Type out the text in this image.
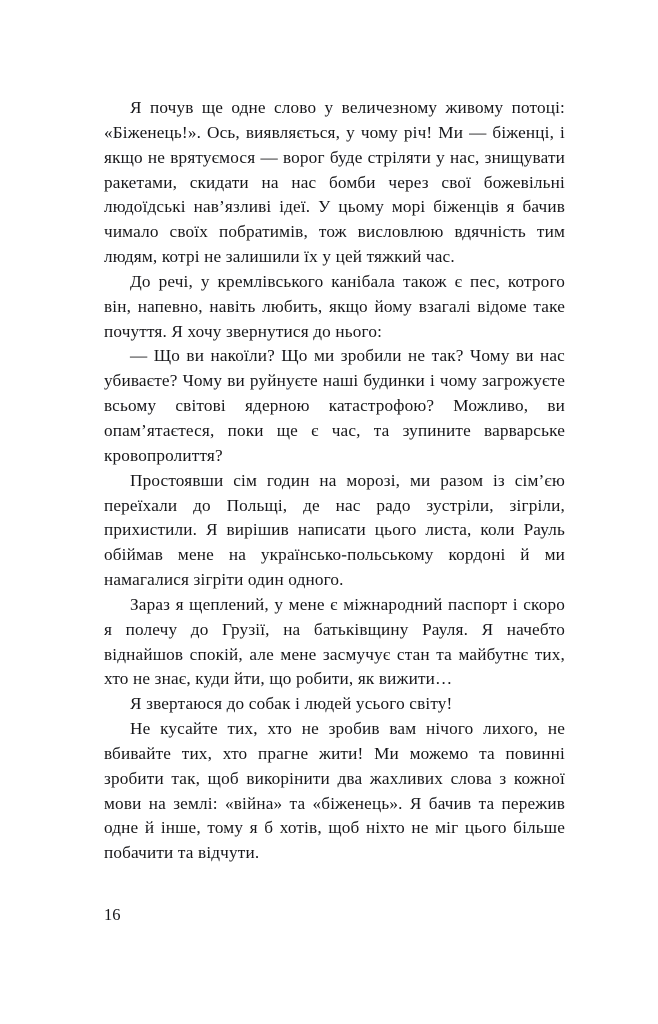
Я почув ще одне слово у величезному живому потоці: «Біженець!». Ось, виявляється, у чому річ! Ми — біженці, і якщо не врятуємося — ворог буде стріляти у нас, знищувати ракетами, скидати на нас бомби через свої божевільні людоїдські нав’язливі ідеї. У цьому морі біженців я бачив чимало своїх побратимів, тож висловлюю вдячність тим людям, котрі не залишили їх у цей тяжкий час.

До речі, у кремлівського канібала також є пес, котрого він, напевно, навіть любить, якщо йому взагалі відоме таке почуття. Я хочу звернутися до нього:

— Що ви накоїли? Що ми зробили не так? Чому ви нас убиваєте? Чому ви руйнуєте наші будинки і чому загрожуєте всьому світові ядерною катастрофою? Можливо, ви опам’ятаєтеся, поки ще є час, та зупините варварське кровопролиття?

Простоявши сім годин на морозі, ми разом із сім’єю переїхали до Польщі, де нас радо зустріли, зігріли, прихистили. Я вирішив написати цього листа, коли Рауль обіймав мене на українсько-польському кордоні й ми намагалися зігріти один одного.

Зараз я щеплений, у мене є міжнародний паспорт і скоро я полечу до Грузії, на батьківщину Рауля. Я начебто віднайшов спокій, але мене засмучує стан та майбутнє тих, хто не знає, куди йти, що робити, як вижити…

Я звертаюся до собак і людей усього світу!

Не кусайте тих, хто не зробив вам нічого лихого, не вбивайте тих, хто прагне жити! Ми можемо та повинні зробити так, щоб викорінити два жахливих слова з кожної мови на землі: «війна» та «біженець». Я бачив та пережив одне й інше, тому я б хотів, щоб ніхто не міг цього більше побачити та відчути.

16
